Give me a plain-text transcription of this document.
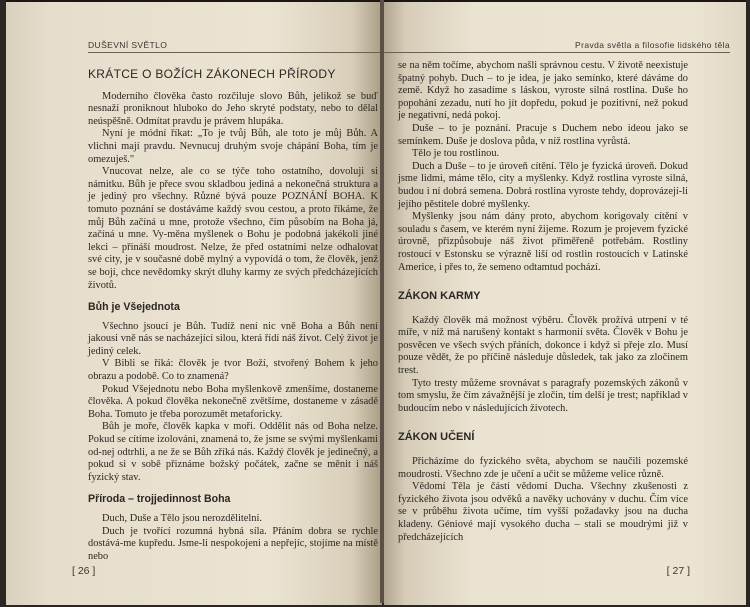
DUŠEVNÍ SVĚTLO

KRÁTCE O BOŽÍCH ZÁKONECH PŘÍRODY

Moderního člověka často rozčiluje slovo Bůh, jelikož se buď nesnaží proniknout hluboko do Jeho skryté podstaty, nebo to dělal neúspěšně. Odmítat pravdu je právem hlupáka.

Nyní je módní říkat: „To je tvůj Bůh, ale toto je můj Bůh. A vlichni mají pravdu. Nevnucuj druhým svoje chápání Boha, tím je omezuješ."

Vnucovat nelze, ale co se týče toho ostatního, dovoluji si námitku. Bůh je přece svou skladbou jediná a nekonečná struktura a je jediný pro všechny. Různé bývá pouze POZNÁNÍ BOHA. K tomuto poznání se dostáváme každý svou cestou, a proto říkáme, že můj Bůh začíná u mne, protože všechno, čím působím na Boha já, začíná u mne. Vy-měna myšlenek o Bohu je podobná jakékoli jiné lekci – přináší moudrost. Nelze, že před ostatními nelze odhalovat své city, je v současné době mylný a vypovídá o tom, že člověk, jenž se bojí, chce nevědomky skrýt dluhy karmy ze svých předcházejících životů.

Bůh je Všejednota

Všechno jsoucí je Bůh. Tudíž není nic vně Boha a Bůh není jakousi vně nás se nacházející silou, která řídí náš život. Celý život je jediný celek.

V Bibli se říká: člověk je tvor Boží, stvořený Bohem k jeho obrazu a podobě. Co to znamená?

Pokud Všejednotu nebo Boha myšlenkově zmenšíme, dostaneme člověka. A pokud člověka nekonečně zvětšíme, dostaneme v zásadě Boha. Tomuto je třeba porozumět metaforicky.

Bůh je moře, člověk kapka v moři. Oddělit nás od Boha nelze. Pokud se cítíme izolováni, znamená to, že jsme se svými myšlenkami od-nej odtrhli, a ne že se Bůh zříká nás. Každý člověk je jedinečný, a pokud si v sobě přiznáme božský počátek, začne se měnit i náš fyzický stav.

Příroda – trojjedinnost Boha

Duch, Duše a Tělo jsou nerozdělitelní.

Duch je tvořící rozumná hybná síla. Přáním dobra se rychle dostává-me kupředu. Jsme-li nespokojeni a nepřejíc, stojíme na místě nebo

[ 26 ]
Pravda světla a filosofie lidského těla

se na něm točíme, abychom našli správnou cestu. V životě neexistuje špatný pohyb. Duch – to je idea, je jako semínko, které dáváme do země. Když ho zasadíme s láskou, vyroste silná rostlina. Duše ho popohání zezadu, nutí ho jít dopředu, pokud je pozitivní, než pokud je negativní, nedá pokoj.

Duše – to je poznání. Pracuje s Duchem nebo ideou jako se semínkem. Duše je doslova půda, v níž rostlina vyrůstá.

Tělo je tou rostlinou.

Duch a Duše – to je úroveň cítění. Tělo je fyzická úroveň. Dokud jsme lidmi, máme tělo, city a myšlenky. Když rostlina vyroste silná, budou i ní dobrá semena. Dobrá rostlina vyroste tehdy, doprovázejí-li jejího pěstitele dobré myšlenky.

Myšlenky jsou nám dány proto, abychom korigovaly cítění v souladu s časem, ve kterém nyní žijeme. Rozum je projevem fyzické úrovně, přizpůsobuje náš život přiměřeně potřebám. Rostliny rostoucí v Estonsku se výrazně liší od rostlin rostoucích v Latinské Americe, i přes to, že semeno odtamtud pochází.

ZÁKON KARMY

Každý člověk má možnost výběru. Člověk prožívá utrpení v té míře, v níž má narušený kontakt s harmonií světa. Člověk v Bohu je posvěcen ve všech svých přáních, dokonce i když si přeje zlo. Musí pouze vědět, že po příčině následuje důsledek, tak jako za zločinem trest.

Tyto tresty můžeme srovnávat s paragrafy pozemských zákonů v tom smyslu, že čím závažnější je zločin, tím delší je trest; například v budoucím nebo v následujících životech.

ZÁKON UČENÍ

Přicházíme do fyzického světa, abychom se naučili pozemské moudrosti. Všechno zde je učení a učit se můžeme velice různě.

Vědomí Těla je částí vědomí Ducha. Všechny zkušenosti z fyzického života jsou odvěků a navěky uchovány v duchu. Čím více se v průběhu života učíme, tím vyšší požadavky jsou na ducha kladeny. Géniové mají vysokého ducha – stali se moudrými již v předcházejících

[ 27 ]
